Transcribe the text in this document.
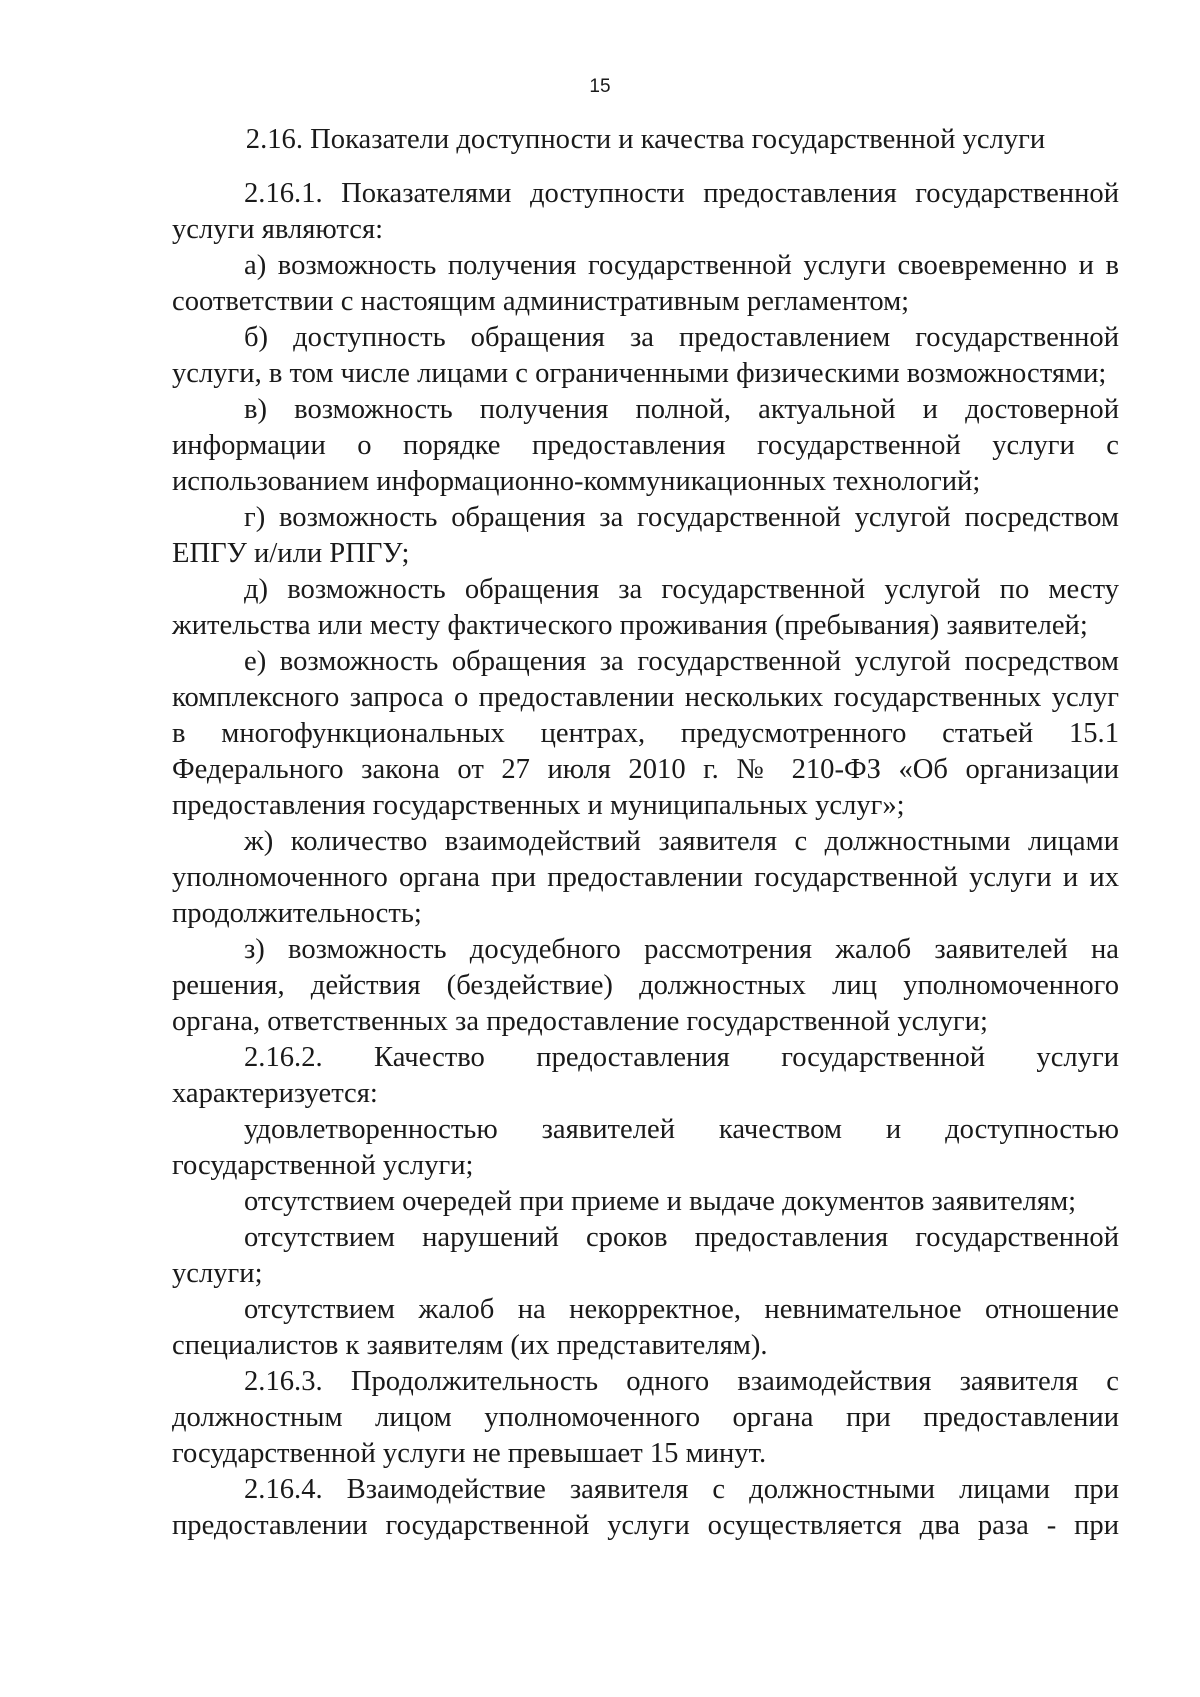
15

2.16. Показатели доступности и качества государственной услуги

2.16.1. Показателями доступности предоставления государственной услуги являются:

а) возможность получения государственной услуги своевременно и в соответствии с настоящим административным регламентом;

б) доступность обращения за предоставлением государственной услуги, в том числе лицами с ограниченными физическими возможностями;

в) возможность получения полной, актуальной и достоверной информации о порядке предоставления государственной услуги с использованием информационно-коммуникационных технологий;

г) возможность обращения за государственной услугой посредством ЕПГУ и/или РПГУ;

д) возможность обращения за государственной услугой по месту жительства или месту фактического проживания (пребывания) заявителей;

е) возможность обращения за государственной услугой посредством комплексного запроса о предоставлении нескольких государственных услуг в многофункциональных центрах, предусмотренного статьей 15.1 Федерального закона от 27 июля 2010 г. № 210-ФЗ «Об организации предоставления государственных и муниципальных услуг»;

ж) количество взаимодействий заявителя с должностными лицами уполномоченного органа при предоставлении государственной услуги и их продолжительность;

з) возможность досудебного рассмотрения жалоб заявителей на решения, действия (бездействие) должностных лиц уполномоченного органа, ответственных за предоставление государственной услуги;

2.16.2. Качество предоставления государственной услуги характеризуется:

удовлетворенностью заявителей качеством и доступностью государственной услуги;

отсутствием очередей при приеме и выдаче документов заявителям;

отсутствием нарушений сроков предоставления государственной услуги;

отсутствием жалоб на некорректное, невнимательное отношение специалистов к заявителям (их представителям).

2.16.3. Продолжительность одного взаимодействия заявителя с должностным лицом уполномоченного органа при предоставлении государственной услуги не превышает 15 минут.

2.16.4. Взаимодействие заявителя с должностными лицами при предоставлении государственной услуги осуществляется два раза - при
